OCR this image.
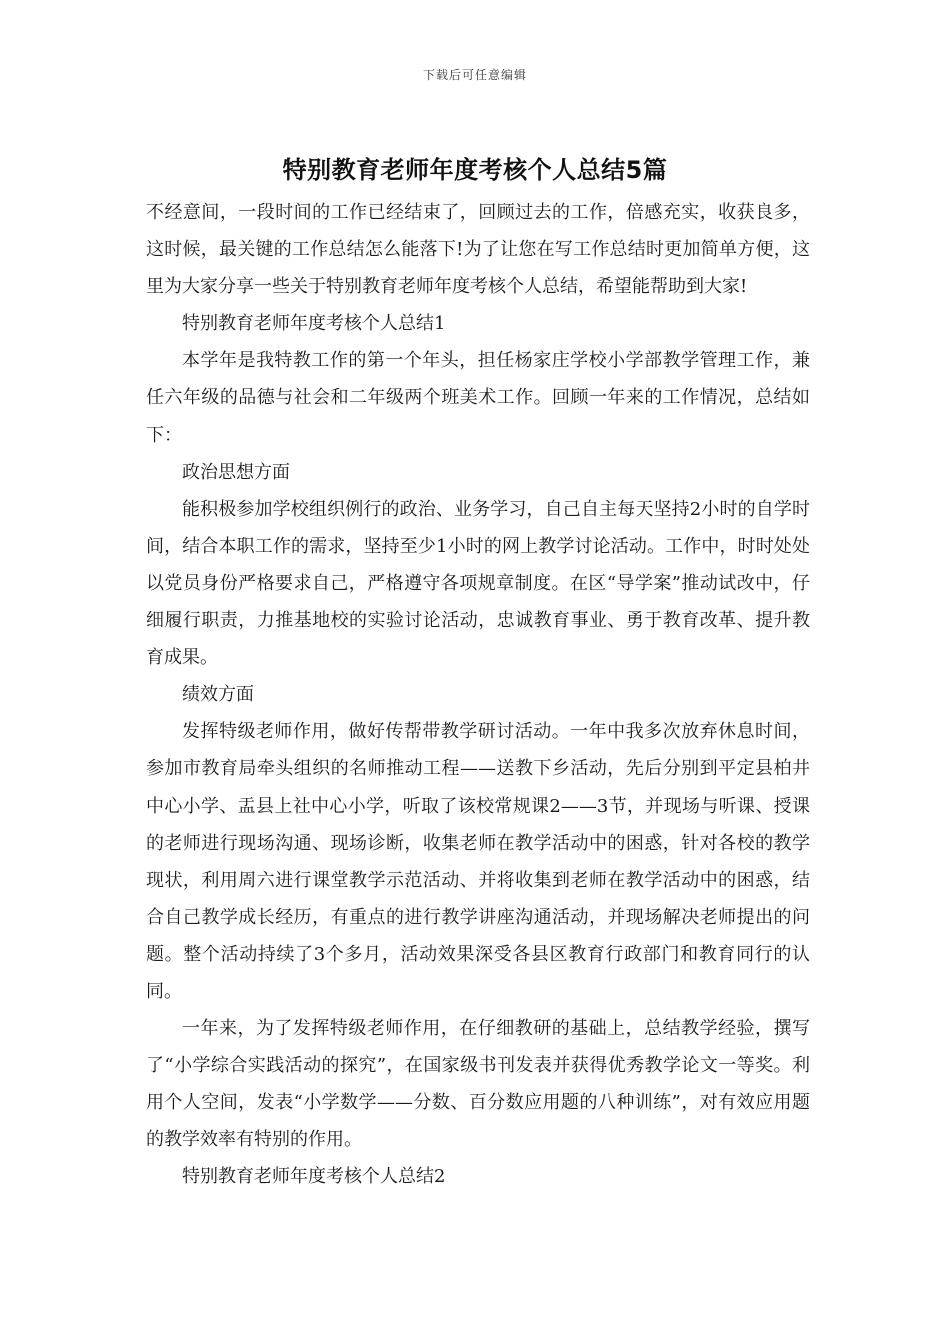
下载后可任意编辑
特别教育老师年度考核个人总结5篇

不经意间，一段时间的工作已经结束了，回顾过去的工作，倍感充实，收获良多，这时候，最关键的工作总结怎么能落下!为了让您在写工作总结时更加简单方便，这里为大家分享一些关于特别教育老师年度考核个人总结，希望能帮助到大家!

特别教育老师年度考核个人总结1

本学年是我特教工作的第一个年头，担任杨家庄学校小学部教学管理工作，兼任六年级的品德与社会和二年级两个班美术工作。回顾一年来的工作情况，总结如下：

政治思想方面

能积极参加学校组织例行的政治、业务学习，自己自主每天坚持2小时的自学时间，结合本职工作的需求，坚持至少1小时的网上教学讨论活动。工作中，时时处处以党员身份严格要求自己，严格遵守各项规章制度。在区“导学案”推动试改中，仔细履行职责，力推基地校的实验讨论活动，忠诚教育事业、勇于教育改革、提升教育成果。

绩效方面

发挥特级老师作用，做好传帮带教学研讨活动。一年中我多次放弃休息时间，参加市教育局牵头组织的名师推动工程——送教下乡活动，先后分别到平定县柏井中心小学、盂县上社中心小学，听取了该校常规课2——3节，并现场与听课、授课的老师进行现场沟通、现场诊断，收集老师在教学活动中的困惑，针对各校的教学现状，利用周六进行课堂教学示范活动、并将收集到老师在教学活动中的困惑，结合自己教学成长经历，有重点的进行教学讲座沟通活动，并现场解决老师提出的问题。整个活动持续了3个多月，活动效果深受各县区教育行政部门和教育同行的认同。

一年来，为了发挥特级老师作用，在仔细教研的基础上，总结教学经验，撰写了“小学综合实践活动的探究”，在国家级书刊发表并获得优秀教学论文一等奖。利用个人空间，发表“小学数学——分数、百分数应用题的八种训练”，对有效应用题的教学效率有特别的作用。

特别教育老师年度考核个人总结2
